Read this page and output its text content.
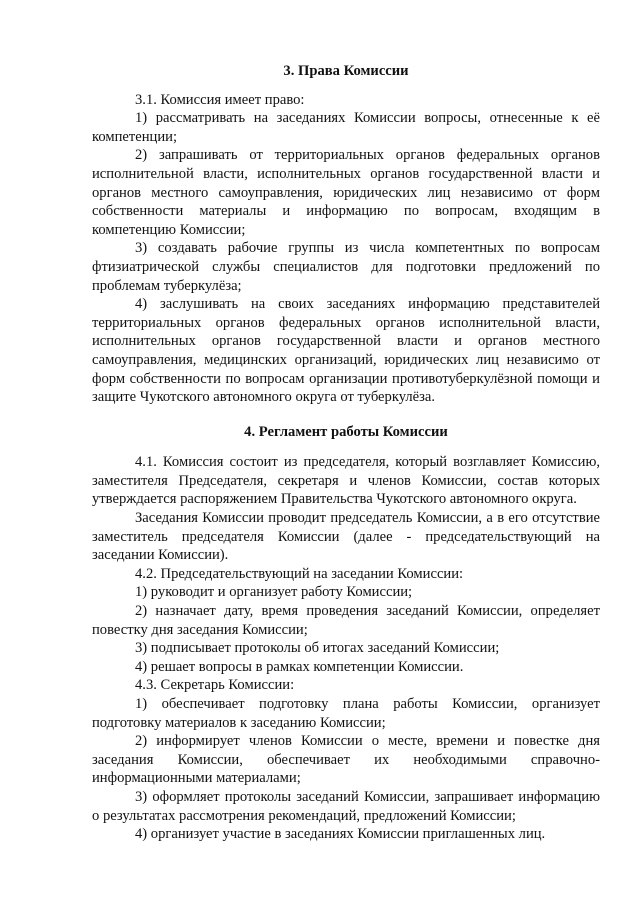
3. Права Комиссии

3.1. Комиссия имеет право:

1) рассматривать на заседаниях Комиссии вопросы, отнесенные к её компетенции;

2) запрашивать от территориальных органов федеральных органов исполнительной власти, исполнительных органов государственной власти и органов местного самоуправления, юридических лиц независимо от форм собственности материалы и информацию по вопросам, входящим в компетенцию Комиссии;

3) создавать рабочие группы из числа компетентных по вопросам фтизиатрической службы специалистов для подготовки предложений по проблемам туберкулёза;

4) заслушивать на своих заседаниях информацию представителей территориальных органов федеральных органов исполнительной власти, исполнительных органов государственной власти и органов местного самоуправления, медицинских организаций, юридических лиц независимо от форм собственности по вопросам организации противотуберкулёзной помощи и защите Чукотского автономного округа от туберкулёза.

4. Регламент работы Комиссии

4.1. Комиссия состоит из председателя, который возглавляет Комиссию, заместителя Председателя, секретаря и членов Комиссии, состав которых утверждается распоряжением Правительства Чукотского автономного округа.

Заседания Комиссии проводит председатель Комиссии, а в его отсутствие заместитель председателя Комиссии (далее - председательствующий на заседании Комиссии).

4.2. Председательствующий на заседании Комиссии:

1) руководит и организует работу Комиссии;

2) назначает дату, время проведения заседаний Комиссии, определяет повестку дня заседания Комиссии;

3) подписывает протоколы об итогах заседаний Комиссии;

4) решает вопросы в рамках компетенции Комиссии.

4.3. Секретарь Комиссии:

1) обеспечивает подготовку плана работы Комиссии, организует подготовку материалов к заседанию Комиссии;

2) информирует членов Комиссии о месте, времени и повестке дня заседания Комиссии, обеспечивает их необходимыми справочно-информационными материалами;

3) оформляет протоколы заседаний Комиссии, запрашивает информацию о результатах рассмотрения рекомендаций, предложений Комиссии;

4) организует участие в заседаниях Комиссии приглашенных лиц.
